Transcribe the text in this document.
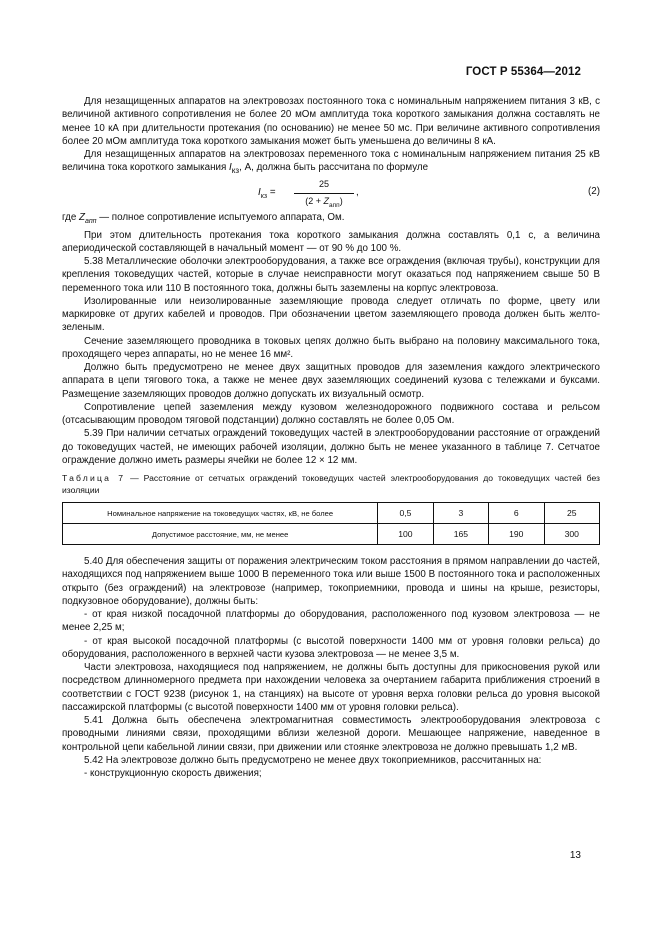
ГОСТ Р 55364—2012

Для незащищенных аппаратов на электровозах постоянного тока с номинальным напряжением питания 3 кВ, с величиной активного сопротивления не более 20 мОм амплитуда тока короткого замыкания должна составлять не менее 10 кА при длительности протекания (по основанию) не менее 50 мс. При величине активного сопротивления более 20 мОм амплитуда тока короткого замыкания может быть уменьшена до величины 8 кА.

Для незащищенных аппаратов на электровозах переменного тока с номинальным напряжением питания 25 кВ величина тока короткого замыкания $I_{кз}$, А, должна быть рассчитана по формуле

$I_{кз}$ =
25
$(2 + Z_{апп})$
,	(2)

где $Z_{апп}$ — полное сопротивление испытуемого аппарата, Ом.

При этом длительность протекания тока короткого замыкания должна составлять 0,1 с, а величина апериодической составляющей в начальный момент — от 90 % до 100 %.

5.38 Металлические оболочки электрооборудования, а также все ограждения (включая трубы), конструкции для крепления токоведущих частей, которые в случае неисправности могут оказаться под напряжением свыше 50 В переменного тока или 110 В постоянного тока, должны быть заземлены на корпус электровоза.

Изолированные или неизолированные заземляющие провода следует отличать по форме, цвету или маркировке от других кабелей и проводов. При обозначении цветом заземляющего провода должен быть желто-зеленым.

Сечение заземляющего проводника в токовых цепях должно быть выбрано на половину максимального тока, проходящего через аппараты, но не менее 16 мм².

Должно быть предусмотрено не менее двух защитных проводов для заземления каждого электрического аппарата в цепи тягового тока, а также не менее двух заземляющих соединений кузова с тележками и буксами. Размещение заземляющих проводов должно допускать их визуальный осмотр.

Сопротивление цепей заземления между кузовом железнодорожного подвижного состава и рельсом (отсасывающим проводом тяговой подстанции) должно составлять не более 0,05 Ом.

5.39 При наличии сетчатых ограждений токоведущих частей в электрооборудовании расстояние от ограждений до токоведущих частей, не имеющих рабочей изоляции, должно быть не менее указанного в таблице 7. Сетчатое ограждение должно иметь размеры ячейки не более 12 × 12 мм.

Таблица 7 — Расстояние от сетчатых ограждений токоведущих частей электрооборудования до токоведущих частей без изоляции

Номинальное напряжение на токоведущих частях, кВ, не более	0,5	3	6	25
Допустимое расстояние, мм, не менее	100	165	190	300

5.40 Для обеспечения защиты от поражения электрическим током расстояния в прямом направлении до частей, находящихся под напряжением выше 1000 В переменного тока или выше 1500 В постоянного тока и расположенных открыто (без ограждений) на электровозе (например, токоприемники, провода и шины на крыше, резисторы, подкузовное оборудование), должны быть:

- от края низкой посадочной платформы до оборудования, расположенного под кузовом электровоза — не менее 2,25 м;

- от края высокой посадочной платформы (с высотой поверхности 1400 мм от уровня головки рельса) до оборудования, расположенного в верхней части кузова электровоза — не менее 3,5 м.

Части электровоза, находящиеся под напряжением, не должны быть доступны для прикосновения рукой или посредством длинномерного предмета при нахождении человека за очертанием габарита приближения строений в соответствии с ГОСТ 9238 (рисунок 1, на станциях) на высоте от уровня верха головки рельса до уровня высокой пассажирской платформы (с высотой поверхности 1400 мм от уровня головки рельса).

5.41 Должна быть обеспечена электромагнитная совместимость электрооборудования электровоза с проводными линиями связи, проходящими вблизи железной дороги. Мешающее напряжение, наведенное в контрольной цепи кабельной линии связи, при движении или стоянке электровоза не должно превышать 1,2 мВ.

5.42 На электровозе должно быть предусмотрено не менее двух токоприемников, рассчитанных на:

- конструкционную скорость движения;

13
